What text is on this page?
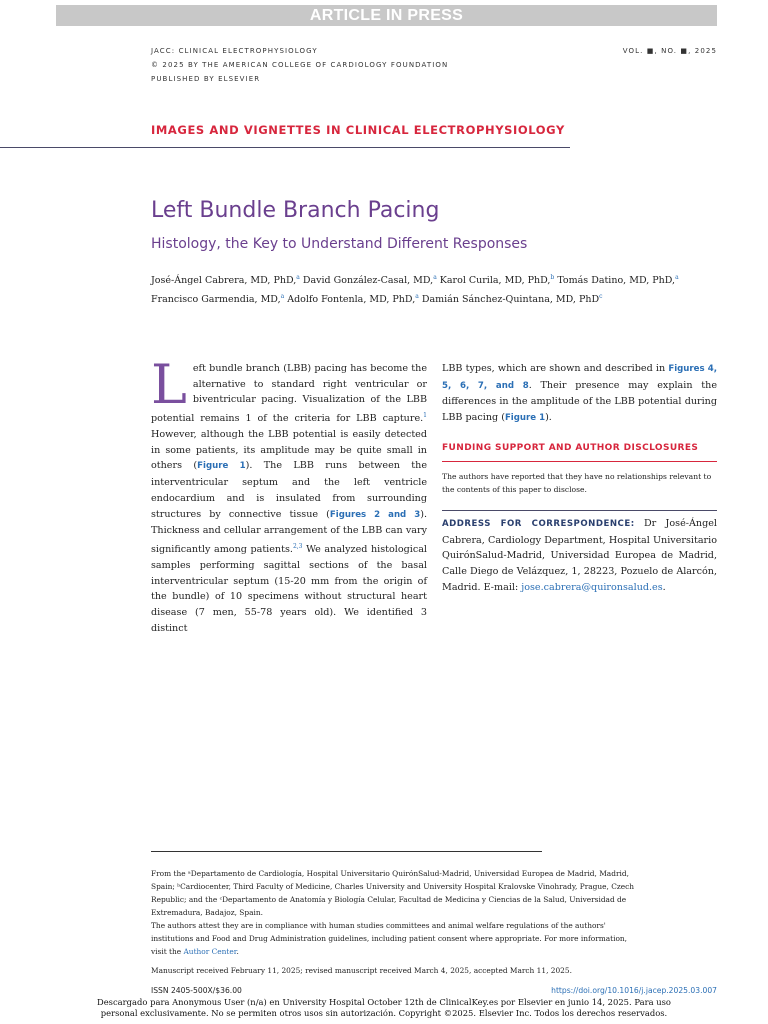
ARTICLE IN PRESS
JACC: CLINICAL ELECTROPHYSIOLOGY
© 2025 BY THE AMERICAN COLLEGE OF CARDIOLOGY FOUNDATION
PUBLISHED BY ELSEVIER
VOL. ■, NO. ■, 2025
IMAGES AND VIGNETTES IN CLINICAL ELECTROPHYSIOLOGY
Left Bundle Branch Pacing
Histology, the Key to Understand Different Responses
José-Ángel Cabrera, MD, PhD,$^a$ David González-Casal, MD,$^a$ Karol Curila, MD, PhD,$^b$ Tomás Datino, MD, PhD,$^a$
Francisco Garmendia, MD,$^a$ Adolfo Fontenla, MD, PhD,$^a$ Damián Sánchez-Quintana, MD, PhD$^c$

Left bundle branch (LBB) pacing has become the alternative to standard right ventricular or biventricular pacing. Visualization of the LBB potential remains 1 of the criteria for LBB capture.$^1$ However, although the LBB potential is easily detected in some patients, its amplitude may be quite small in others (Figure 1). The LBB runs between the interventricular septum and the left ventricle endocardium and is insulated from surrounding structures by connective tissue (Figures 2 and 3). Thickness and cellular arrangement of the LBB can vary significantly among patients.$^{2,3}$ We analyzed histological samples performing sagittal sections of the basal interventricular septum (15-20 mm from the origin of the bundle) of 10 specimens without structural heart disease (7 men, 55-78 years old). We identified 3 distinct

LBB types, which are shown and described in Figures 4, 5, 6, 7, and 8. Their presence may explain the differences in the amplitude of the LBB potential during LBB pacing (Figure 1).

FUNDING SUPPORT AND AUTHOR DISCLOSURES
The authors have reported that they have no relationships relevant to the contents of this paper to disclose.

ADDRESS FOR CORRESPONDENCE: Dr José-Ángel Cabrera, Cardiology Department, Hospital Universitario QuirónSalud-Madrid, Universidad Europea de Madrid, Calle Diego de Velázquez, 1, 28223, Pozuelo de Alarcón, Madrid. E-mail: jose.cabrera@quironsalud.es.

From the ᵃDepartamento de Cardiología, Hospital Universitario QuirónSalud-Madrid, Universidad Europea de Madrid, Madrid, Spain; ᵇCardiocenter, Third Faculty of Medicine, Charles University and University Hospital Kralovske Vinohrady, Prague, Czech Republic; and the ᶜDepartamento de Anatomía y Biología Celular, Facultad de Medicina y Ciencias de la Salud, Universidad de Extremadura, Badajoz, Spain.

The authors attest they are in compliance with human studies committees and animal welfare regulations of the authors' institutions and Food and Drug Administration guidelines, including patient consent where appropriate. For more information, visit the Author Center.

Manuscript received February 11, 2025; revised manuscript received March 4, 2025, accepted March 11, 2025.

ISSN 2405-500X/$36.00	https://doi.org/10.1016/j.jacep.2025.03.007
Descargado para Anonymous User (n/a) en University Hospital October 12th de ClinicalKey.es por Elsevier en junio 14, 2025. Para uso
personal exclusivamente. No se permiten otros usos sin autorización. Copyright ©2025. Elsevier Inc. Todos los derechos reservados.
